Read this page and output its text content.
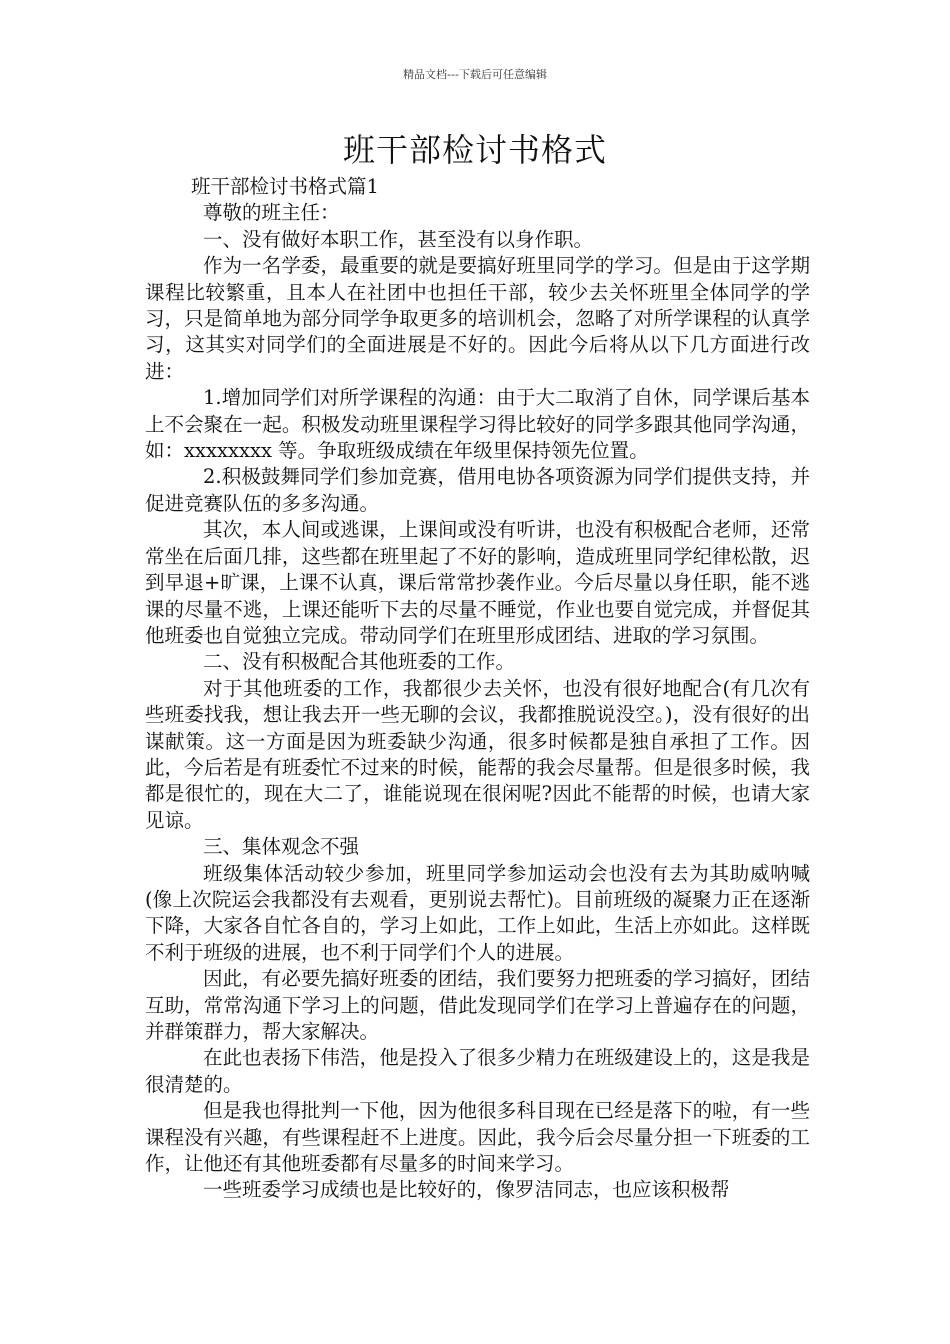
精品文档---下载后可任意编辑
班干部检讨书格式

班干部检讨书格式篇1

尊敬的班主任：

一、没有做好本职工作，甚至没有以身作职。

作为一名学委，最重要的就是要搞好班里同学的学习。但是由于这学期课程比较繁重，且本人在社团中也担任干部，较少去关怀班里全体同学的学习，只是简单地为部分同学争取更多的培训机会，忽略了对所学课程的认真学习，这其实对同学们的全面进展是不好的。因此今后将从以下几方面进行改进：

1.增加同学们对所学课程的沟通：由于大二取消了自休，同学课后基本上不会聚在一起。积极发动班里课程学习得比较好的同学多跟其他同学沟通，如：xxxxxxxx 等。争取班级成绩在年级里保持领先位置。

2.积极鼓舞同学们参加竞赛，借用电协各项资源为同学们提供支持，并促进竞赛队伍的多多沟通。

其次，本人间或逃课，上课间或没有听讲，也没有积极配合老师，还常常坐在后面几排，这些都在班里起了不好的影响，造成班里同学纪律松散，迟到早退+旷课，上课不认真，课后常常抄袭作业。今后尽量以身任职，能不逃课的尽量不逃，上课还能听下去的尽量不睡觉，作业也要自觉完成，并督促其他班委也自觉独立完成。带动同学们在班里形成团结、进取的学习氛围。

二、没有积极配合其他班委的工作。

对于其他班委的工作，我都很少去关怀，也没有很好地配合(有几次有些班委找我，想让我去开一些无聊的会议，我都推脱说没空。)，没有很好的出谋献策。这一方面是因为班委缺少沟通，很多时候都是独自承担了工作。因此，今后若是有班委忙不过来的时候，能帮的我会尽量帮。但是很多时候，我都是很忙的，现在大二了，谁能说现在很闲呢?因此不能帮的时候，也请大家见谅。

三、集体观念不强

班级集体活动较少参加，班里同学参加运动会也没有去为其助威呐喊(像上次院运会我都没有去观看，更别说去帮忙)。目前班级的凝聚力正在逐渐下降，大家各自忙各自的，学习上如此，工作上如此，生活上亦如此。这样既不利于班级的进展，也不利于同学们个人的进展。

因此，有必要先搞好班委的团结，我们要努力把班委的学习搞好，团结互助，常常沟通下学习上的问题，借此发现同学们在学习上普遍存在的问题，并群策群力，帮大家解决。

在此也表扬下伟浩，他是投入了很多少精力在班级建设上的，这是我是很清楚的。

但是我也得批判一下他，因为他很多科目现在已经是落下的啦，有一些课程没有兴趣，有些课程赶不上进度。因此，我今后会尽量分担一下班委的工作，让他还有其他班委都有尽量多的时间来学习。

一些班委学习成绩也是比较好的，像罗洁同志，也应该积极帮
